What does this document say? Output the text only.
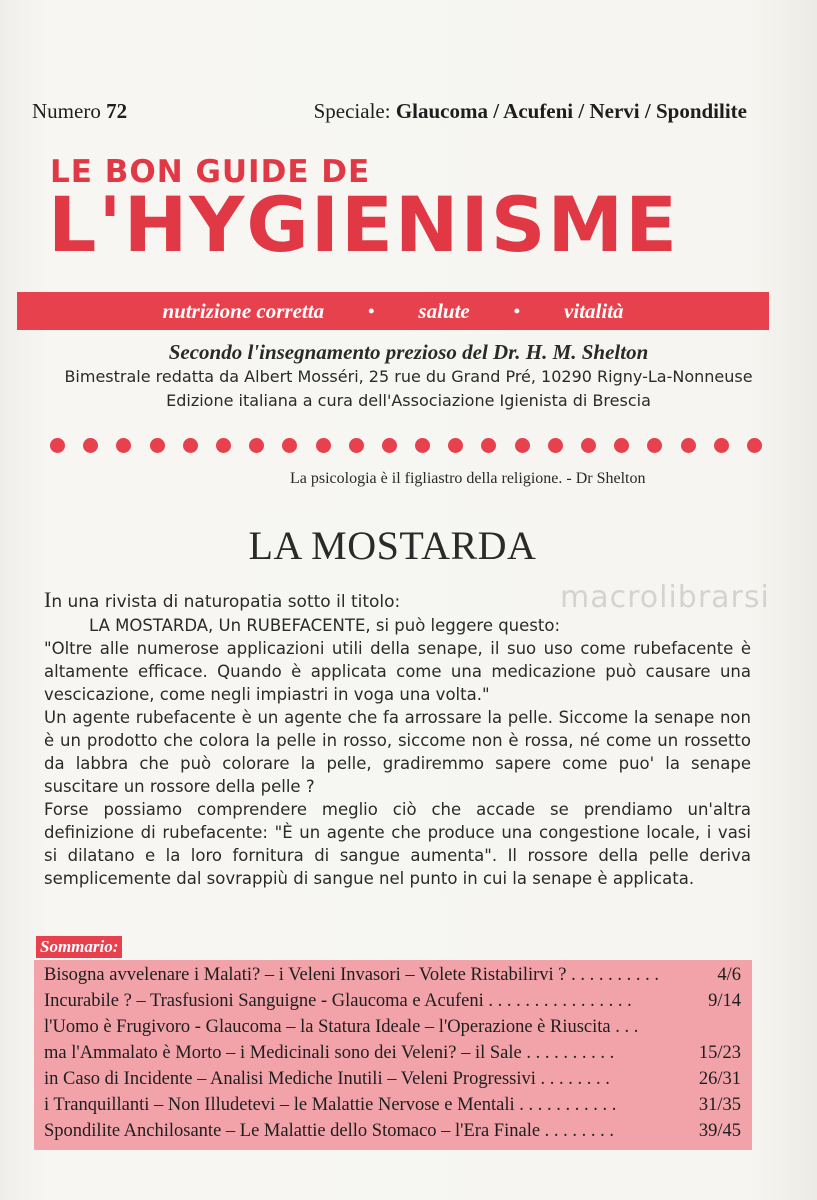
Numero 72	Speciale: Glaucoma / Acufeni / Nervi / Spondilite
LE BON GUIDE DE
L'HYGIENISME
nutrizione corretta • salute • vitalità
Secondo l'insegnamento prezioso del Dr. H. M. Shelton
Bimestrale redatta da Albert Mosséri, 25 rue du Grand Pré, 10290 Rigny-La-Nonneuse
Edizione italiana a cura dell'Associazione Igienista di Brescia
La psicologia è il figliastro della religione. - Dr Shelton
LA MOSTARDA
macrolibrarsi

In una rivista di naturopatia sotto il titolo:

LA MOSTARDA, Un RUBEFACENTE, si può leggere questo:

"Oltre alle numerose applicazioni utili della senape, il suo uso come rubefacente è altamente efficace. Quando è applicata come una medicazione può causare una vescicazione, come negli impiastri in voga una volta."

Un agente rubefacente è un agente che fa arrossare la pelle. Siccome la senape non è un prodotto che colora la pelle in rosso, siccome non è rossa, né come un rossetto da labbra che può colorare la pelle, gradiremmo sapere come puo' la senape suscitare un rossore della pelle ?

Forse possiamo comprendere meglio ciò che accade se prendiamo un'altra definizione di rubefacente: "È un agente che produce una congestione locale, i vasi si dilatano e la loro fornitura di sangue aumenta". Il rossore della pelle deriva semplicemente dal sovrappiù di sangue nel punto in cui la senape è applicata.

Sommario:
Bisogna avvelenare i Malati? – i Veleni Invasori – Volete Ristabilirvi ? . . . . . . . . . .	4/6
Incurabile ? – Trasfusioni Sanguigne - Glaucoma e Acufeni . . . . . . . . . . . . . . . .	9/14
l'Uomo è Frugivoro - Glaucoma – la Statura Ideale – l'Operazione è Riuscita . . .
ma l'Ammalato è Morto – i Medicinali sono dei Veleni? – il Sale . . . . . . . . . .	15/23
in Caso di Incidente – Analisi Mediche Inutili – Veleni Progressivi . . . . . . . .	26/31
i Tranquillanti – Non Illudetevi – le Malattie Nervose e Mentali . . . . . . . . . . .	31/35
Spondilite Anchilosante – Le Malattie dello Stomaco – l'Era Finale . . . . . . . .	39/45
